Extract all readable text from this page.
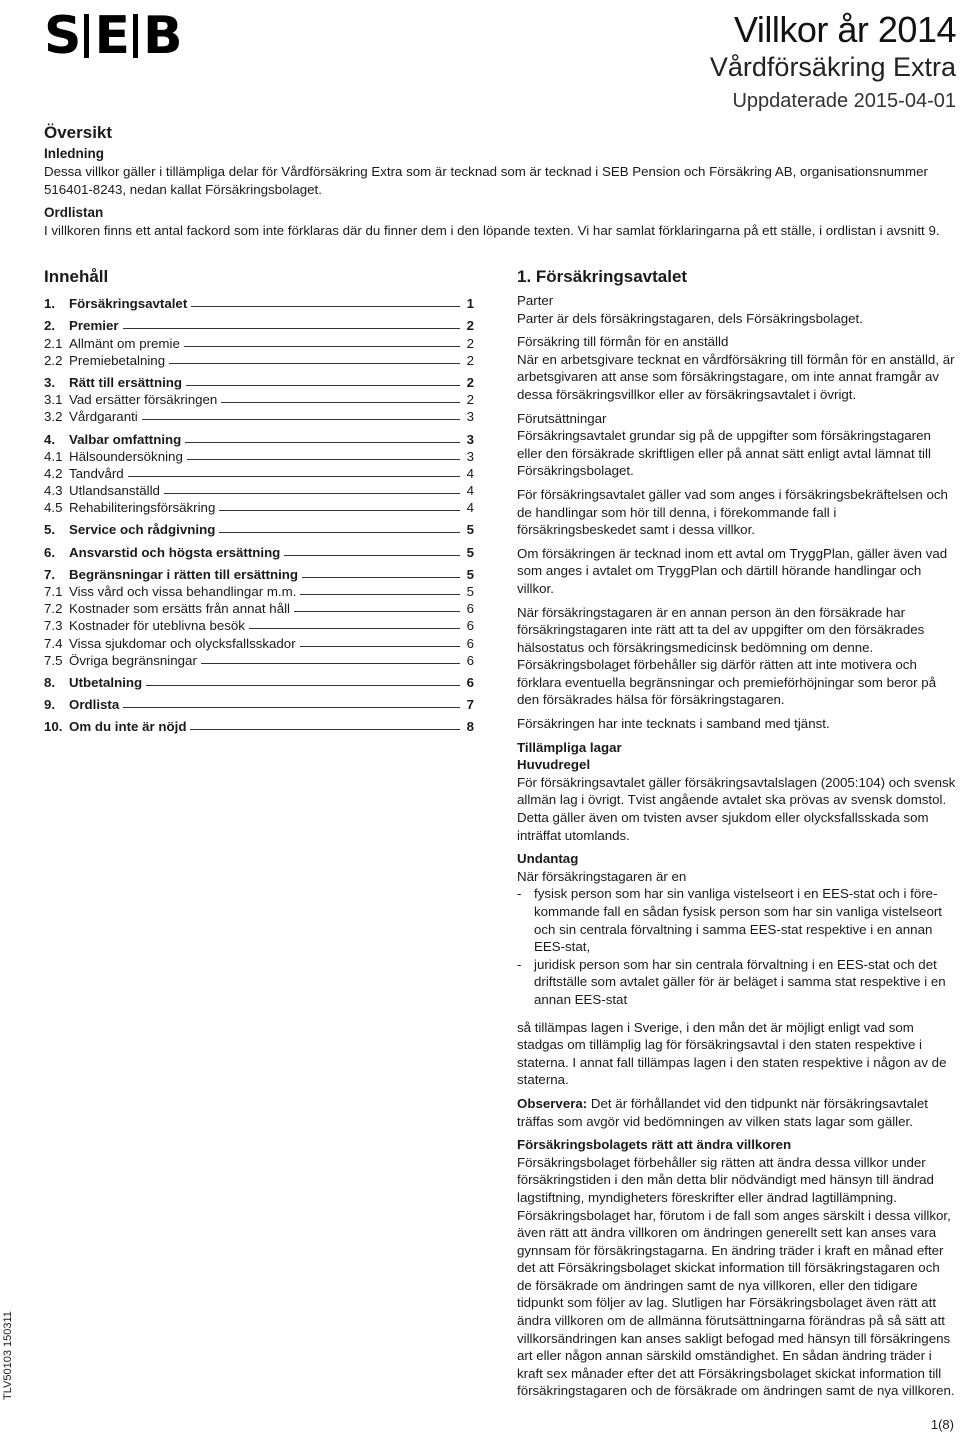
S E B	Villkor år 2014
Vårdförsäkring Extra
Uppdaterade 2015-04-01
Översikt
Inledning

Dessa villkor gäller i tillämpliga delar för Vårdförsäkring Extra som är tecknad som är tecknad i SEB Pension och Försäkring AB, organisationsnummer 516401-8243, nedan kallat Försäkringsbolaget.

Ordlistan

I villkoren finns ett antal fackord som inte förklaras där du finner dem i den löpande texten. Vi har samlat förklaringarna på ett ställe, i ordlistan i avsnitt 9.

Innehåll
1.	Försäkringsavtalet	1
2.	Premier	2
2.1 Allmänt om premie	2
2.2 Premiebetalning	2
3.	Rätt till ersättning	2
3.1 Vad ersätter försäkringen	2
3.2 Vårdgaranti	3
4.	Valbar omfattning	3
4.1 Hälsoundersökning	3
4.2 Tandvård	4
4.3 Utlandsanställd	4
4.5 Rehabiliteringsförsäkring	4
5.	Service och rådgivning	5
6.	Ansvarstid och högsta ersättning	5
7.	Begränsningar i rätten till ersättning	5
7.1 Viss vård och vissa behandlingar m.m.	5
7.2 Kostnader som ersätts från annat håll	6
7.3 Kostnader för uteblivna besök	6
7.4 Vissa sjukdomar och olycksfallsskador	6
7.5 Övriga begränsningar	6
8.	Utbetalning	6
9.	Ordlista	7
10. Om du inte är nöjd	8
1. Försäkringsavtalet
Parter

Parter är dels försäkringstagaren, dels Försäkringsbolaget.

Försäkring till förmån för en anställd

När en arbetsgivare tecknat en vårdförsäkring till förmån för en anställd, är arbetsgivaren att anse som försäkringstagare, om inte annat framgår av dessa försäkringsvillkor eller av försäkringsavtalet i övrigt.

Förutsättningar

Försäkringsavtalet grundar sig på de uppgifter som försäkringstagaren eller den försäkrade skriftligen eller på annat sätt enligt avtal lämnat till Försäkringsbolaget.

För försäkringsavtalet gäller vad som anges i försäkringsbekräftelsen och de handlingar som hör till denna, i förekommande fall i försäkringsbeskedet samt i dessa villkor.

Om försäkringen är tecknad inom ett avtal om TryggPlan, gäller även vad som anges i avtalet om TryggPlan och därtill hörande handlingar och villkor.

När försäkringstagaren är en annan person än den försäkrade har försäkringstagaren inte rätt att ta del av uppgifter om den försäkrades hälsostatus och försäkringsmedicinsk bedömning om denne.

Försäkringsbolaget förbehåller sig därför rätten att inte motivera och förklara eventuella begränsningar och premieförhöjningar som beror på den försäkrades hälsa för försäkringstagaren.

Försäkringen har inte tecknats i samband med tjänst.

Tillämpliga lagar
Huvudregel

För försäkringsavtalet gäller försäkringsavtalslagen (2005:104) och svensk allmän lag i övrigt. Tvist angående avtalet ska prövas av svensk domstol. Detta gäller även om tvisten avser sjukdom eller olycksfallsskada som inträffat utomlands.

Undantag

När försäkringstagaren är en

- fysisk person som har sin vanliga vistelseort i en EES-stat och i före-kommande fall en sådan fysisk person som har sin vanliga vistelseort och sin centrala förvaltning i samma EES-stat respektive i en annan EES-stat,
- juridisk person som har sin centrala förvaltning i en EES-stat och det driftställe som avtalet gäller för är beläget i samma stat respektive i en annan EES-stat

så tillämpas lagen i Sverige, i den mån det är möjligt enligt vad som stadgas om tillämplig lag för försäkringsavtal i den staten respektive i staterna. I annat fall tillämpas lagen i den staten respektive i någon av de staterna.

Observera: Det är förhållandet vid den tidpunkt när försäkringsavtalet träffas som avgör vid bedömningen av vilken stats lagar som gäller.

Försäkringsbolagets rätt att ändra villkoren

Försäkringsbolaget förbehåller sig rätten att ändra dessa villkor under försäkringstiden i den mån detta blir nödvändigt med hänsyn till ändrad lagstiftning, myndigheters föreskrifter eller ändrad lagtillämpning.

Försäkringsbolaget har, förutom i de fall som anges särskilt i dessa villkor, även rätt att ändra villkoren om ändringen generellt sett kan anses vara gynnsam för försäkringstagarna. En ändring träder i kraft en månad efter det att Försäkringsbolaget skickat information till försäkringstagaren och de försäkrade om ändringen samt de nya villkoren, eller den tidigare tidpunkt som följer av lag. Slutligen har Försäkringsbolaget även rätt att ändra villkoren om de allmänna förutsättningarna förändras på så sätt att villkorsändringen kan anses sakligt befogad med hänsyn till försäkringens art eller någon annan särskild omständighet. En sådan ändring träder i kraft sex månader efter det att Försäkringsbolaget skickat information till försäkringstagaren och de försäkrade om ändringen samt de nya villkoren.

TLV50103 150311
1(8)
